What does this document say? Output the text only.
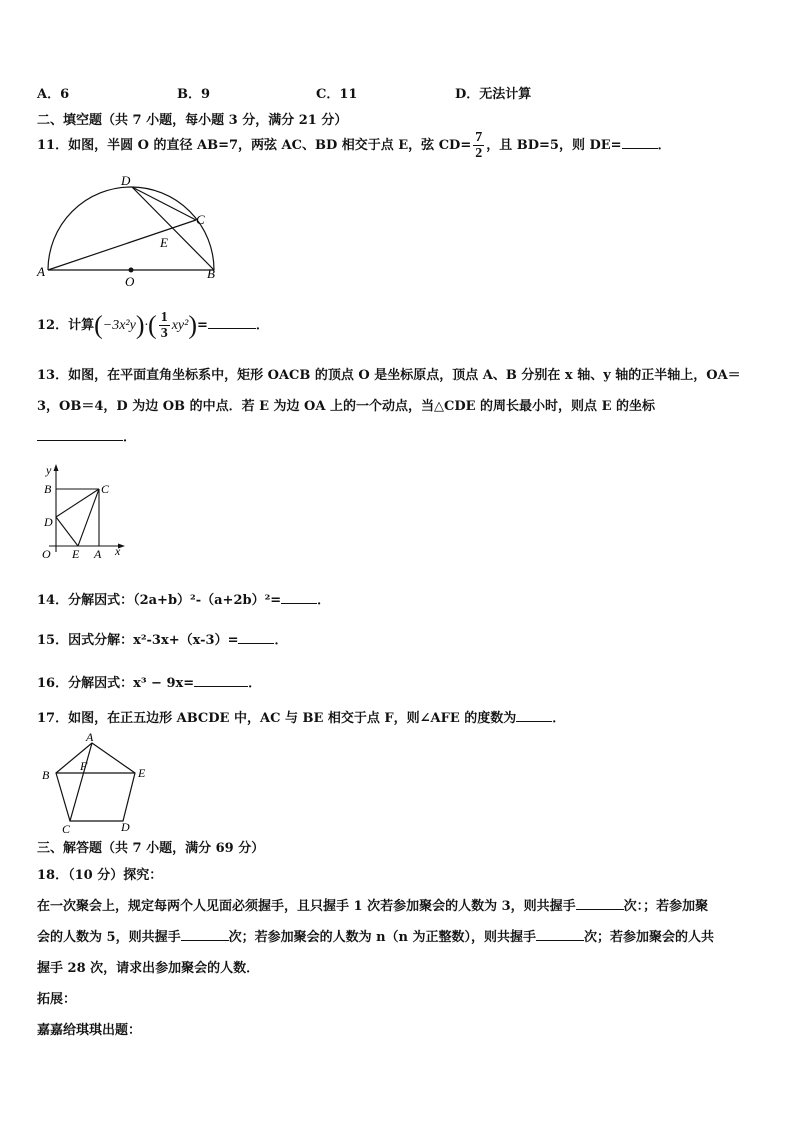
A．6	B．9	C．11	D．无法计算
二、填空题（共 7 小题，每小题 3 分，满分 21 分）
11．如图，半圆 O 的直径 AB=7，两弦 AC、BD 相交于点 E，弦 $CD= \frac{7}{2}$ ，且 BD=5，则 DE=	．
D
C
E
A
O
B
12．计算$(-3x^2y)\cdot( \frac{1}{3} xy^2)=$	．
13．如图，在平面直角坐标系中，矩形 OACB 的顶点 O 是坐标原点，顶点 A、B 分别在 x 轴、y 轴的正半轴上，OA＝
3，OB＝4，D 为边 OB 的中点．若 E 为边 OA 上的一个动点，当△CDE 的周长最小时，则点 E 的坐标
．
y
B	C
D
O E A x
14．分解因式：（2a+b）²-（a+2b）²=	．
15．因式分解：x²-3x+（x-3）=	．
16．分解因式：x³ − 9x=	．
17．如图，在正五边形 ABCDE 中，AC 与 BE 相交于点 F，则∠AFE 的度数为	．
A
B
F	E
C	D
三、解答题（共 7 小题，满分 69 分）
18．（10 分）探究：
在一次聚会上，规定每两个人见面必须握手，且只握手 1 次若参加聚会的人数为 3，则共握手	次：；若参加聚
会的人数为 5，则共握手	次；若参加聚会的人数为 n（n 为正整数），则共握手	次；若参加聚会的人共
握手 28 次，请求出参加聚会的人数．
拓展：
嘉嘉给琪琪出题：
